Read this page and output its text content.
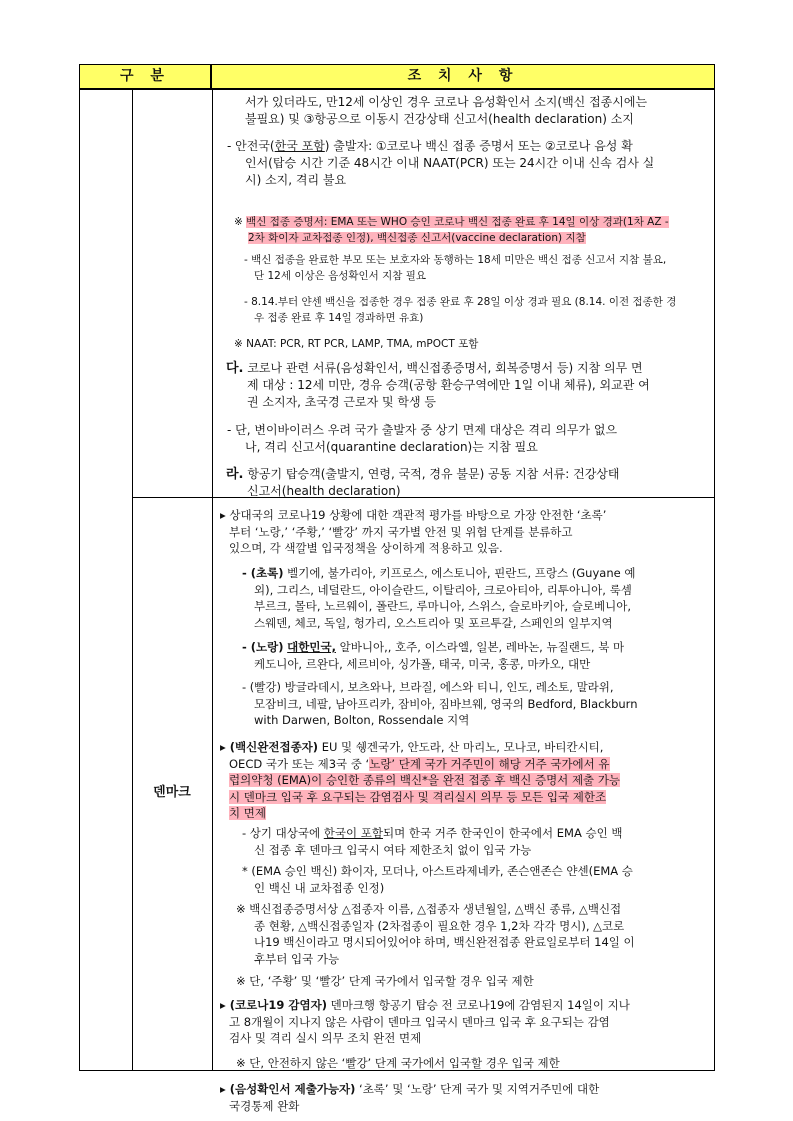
구 분	조 치 사 항

서가 있더라도, 만12세 이상인 경우 코로나 음성확인서 소지(백신 접종시에는

불필요) 및 ③항공으로 이동시 건강상태 신고서(health declaration) 소지

- 안전국(한국 포함) 출발자: ①코로나 백신 접종 증명서 또는 ②코로나 음성 확

인서(탑승 시간 기준 48시간 이내 NAAT(PCR) 또는 24시간 이내 신속 검사 실

시) 소지, 격리 불요

※ 백신 접종 증명서: EMA 또는 WHO 승인 코로나 백신 접종 완료 후 14일 이상 경과(1차 AZ -

2차 화이자 교차접종 인정), 백신접종 신고서(vaccine declaration) 지참

- 백신 접종을 완료한 부모 또는 보호자와 동행하는 18세 미만은 백신 접종 신고서 지참 불요,

단 12세 이상은 음성확인서 지참 필요

- 8.14.부터 얀센 백신을 접종한 경우 접종 완료 후 28일 이상 경과 필요 (8.14. 이전 접종한 경

우 접종 완료 후 14일 경과하면 유효)

※ NAAT: PCR, RT PCR, LAMP, TMA, mPOCT 포함

다. 코로나 관련 서류(음성확인서, 백신접종증명서, 회복증명서 등) 지참 의무 면

제 대상 : 12세 미만, 경유 승객(공항 환승구역에만 1일 이내 체류), 외교관 여

권 소지자, 초국경 근로자 및 학생 등

- 단, 변이바이러스 우려 국가 출발자 중 상기 면제 대상은 격리 의무가 없으

나, 격리 신고서(quarantine declaration)는 지참 필요

라. 항공기 탑승객(출발지, 연령, 국적, 경유 불문) 공동 지참 서류: 건강상태

신고서(health declaration)

덴마크

▸ 상대국의 코로나19 상황에 대한 객관적 평가를 바탕으로 가장 안전한 ‘초록’

부터 ‘노랑,’ ‘주황,’ ‘빨강’ 까지 국가별 안전 및 위험 단계를 분류하고

있으며, 각 색깔별 입국정책을 상이하게 적용하고 있음.

- (초록) 벨기에, 불가리아, 키프로스, 에스토니아, 핀란드, 프랑스 (Guyane 예

외), 그리스, 네덜란드, 아이슬란드, 이탈리아, 크로아티아, 리투아니아, 룩셈

부르크, 몰타, 노르웨이, 폴란드, 루마니아, 스위스, 슬로바키아, 슬로베니아,

스웨덴, 체코, 독일, 헝가리, 오스트리아 및 포르투갈, 스페인의 일부지역

- (노랑) 대한민국, 알바니아,, 호주, 이스라엘, 일본, 레바논, 뉴질랜드, 북 마

케도니아, 르완다, 세르비아, 싱가폴, 태국, 미국, 홍콩, 마카오, 대만

- (빨강) 방글라데시, 보츠와나, 브라질, 에스와 티니, 인도, 레소토, 말라위,

모잠비크, 네팔, 남아프리카, 잠비아, 짐바브웨, 영국의 Bedford, Blackburn

with Darwen, Bolton, Rossendale 지역

▸ (백신완전접종자) EU 및 쉥겐국가, 안도라, 산 마리노, 모나코, 바티칸시티,

OECD 국가 또는 제3국 중 ‘노랑’ 단계 국가 거주민이 해당 거주 국가에서 유

럽의약청 (EMA)이 승인한 종류의 백신*을 완전 접종 후 백신 증명서 제출 가능

시 덴마크 입국 후 요구되는 감염검사 및 격리실시 의무 등 모든 입국 제한조

치 면제

- 상기 대상국에 한국이 포함되며 한국 거주 한국인이 한국에서 EMA 승인 백

신 접종 후 덴마크 입국시 여타 제한조치 없이 입국 가능

* (EMA 승인 백신) 화이자, 모더나, 아스트라제네카, 존슨앤존슨 얀센(EMA 승

인 백신 내 교차접종 인정)

※ 백신접종증명서상 △접종자 이름, △접종자 생년월일, △백신 종류, △백신접

종 현황, △백신접종일자 (2차접종이 필요한 경우 1,2차 각각 명시), △코로

나19 백신이라고 명시되어있어야 하며, 백신완전접종 완료일로부터 14일 이

후부터 입국 가능

※ 단, ‘주황’ 및 ‘빨강’ 단계 국가에서 입국할 경우 입국 제한

▸ (코로나19 감염자) 덴마크행 항공기 탑승 전 코로나19에 감염된지 14일이 지나

고 8개월이 지나지 않은 사람이 덴마크 입국시 덴마크 입국 후 요구되는 감염

검사 및 격리 실시 의무 조치 완전 면제

※ 단, 안전하지 않은 ‘빨강’ 단계 국가에서 입국할 경우 입국 제한

▸ (음성확인서 제출가능자) ‘초록’ 및 ‘노랑’ 단계 국가 및 지역거주민에 대한

국경통제 완화
